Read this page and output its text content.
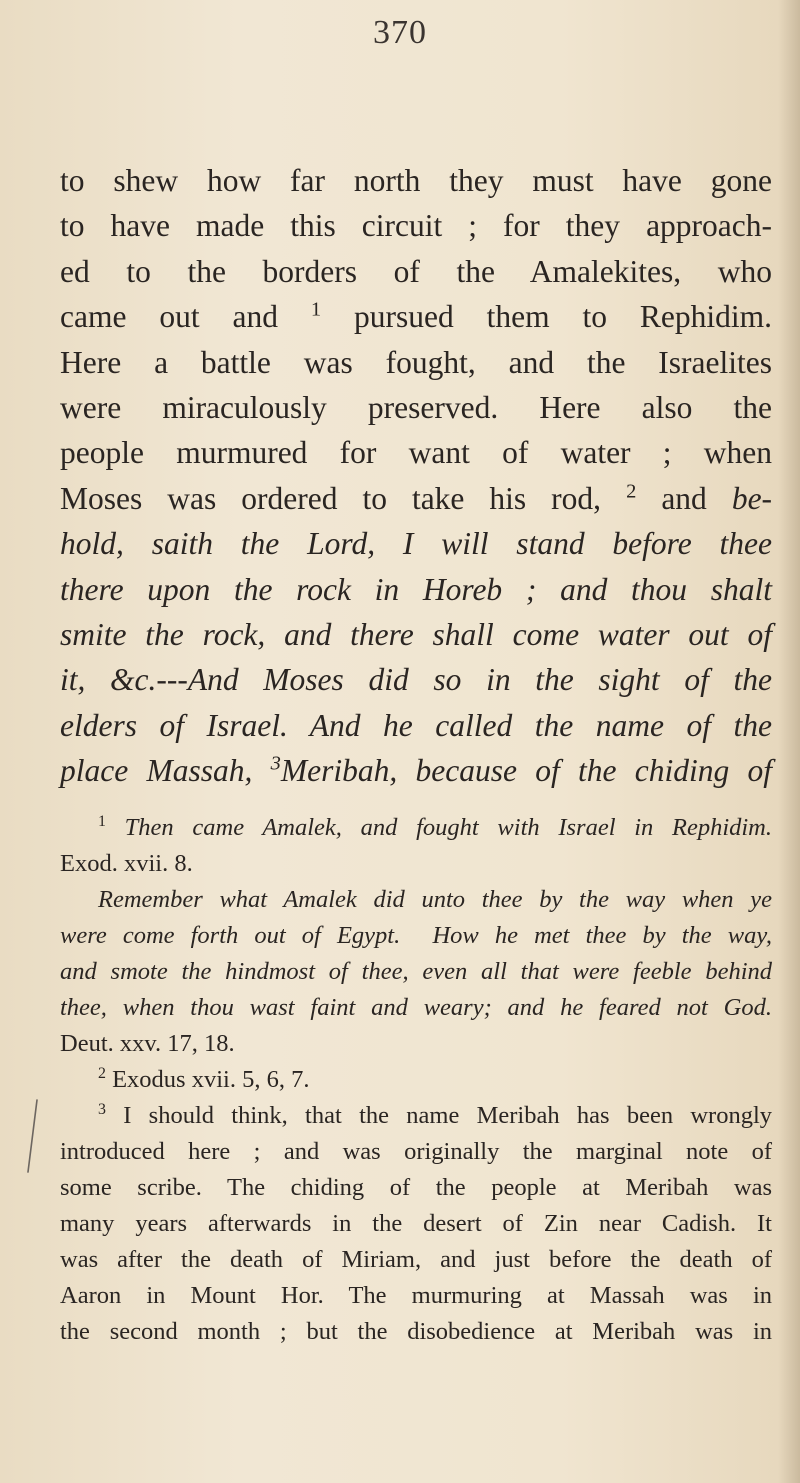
370
to shew how far north they must have gone
to have made this circuit ; for they approach-
ed to the borders of the Amalekites, who
came out and $^1$ pursued them to Rephidim.
Here a battle was fought, and the Israelites
were miraculously preserved. Here also the
people murmured for want of water ; when
Moses was ordered to take his rod, $^2$ and be-
hold, saith the Lord, I will stand before thee
there upon the rock in Horeb ; and thou shalt
smite the rock, and there shall come water out of
it, &c.---And Moses did so in the sight of the
elders of Israel. And he called the name of the
place Massah, $^3$Meribah, because of the chiding of
$^1$ Then came Amalek, and fought with Israel in Rephidim.
Exod. xvii. 8.
Remember what Amalek did unto thee by the way when ye
were come forth out of Egypt. How he met thee by the way,
and smote the hindmost of thee, even all that were feeble behind
thee, when thou wast faint and weary; and he feared not God.
Deut. xxv. 17, 18.
$^2$ Exodus xvii. 5, 6, 7.
$^3$ I should think, that the name Meribah has been wrongly
introduced here ; and was originally the marginal note of
some scribe. The chiding of the people at Meribah was
many years afterwards in the desert of Zin near Cadish. It
was after the death of Miriam, and just before the death of
Aaron in Mount Hor. The murmuring at Massah was in
the second month ; but the disobedience at Meribah was in
